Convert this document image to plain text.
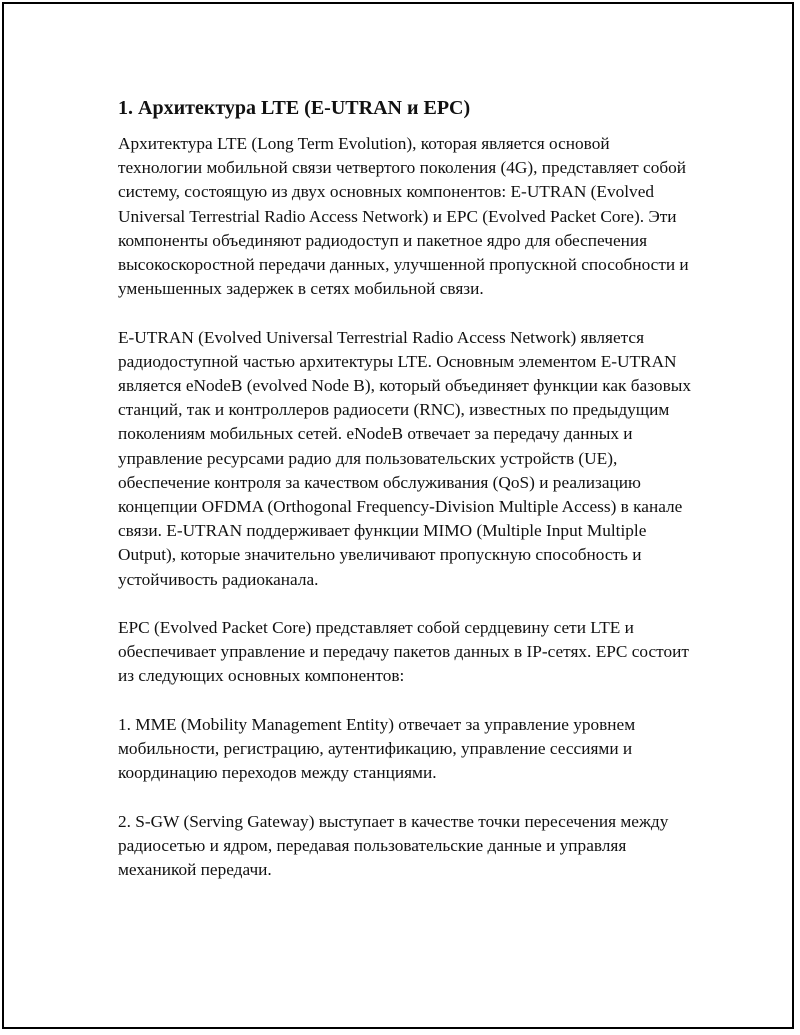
1. Архитектура LTE (E-UTRAN и EPC)

Архитектура LTE (Long Term Evolution), которая является основой технологии мобильной связи четвертого поколения (4G), представляет собой систему, состоящую из двух основных компонентов: E-UTRAN (Evolved Universal Terrestrial Radio Access Network) и EPC (Evolved Packet Core). Эти компоненты объединяют радиодоступ и пакетное ядро для обеспечения высокоскоростной передачи данных, улучшенной пропускной способности и уменьшенных задержек в сетях мобильной связи.

E-UTRAN (Evolved Universal Terrestrial Radio Access Network) является радиодоступной частью архитектуры LTE. Основным элементом E-UTRAN является eNodeB (evolved Node B), который объединяет функции как базовых станций, так и контроллеров радиосети (RNC), известных по предыдущим поколениям мобильных сетей. eNodeB отвечает за передачу данных и управление ресурсами радио для пользовательских устройств (UE), обеспечение контроля за качеством обслуживания (QoS) и реализацию концепции OFDMA (Orthogonal Frequency-Division Multiple Access) в канале связи. E-UTRAN поддерживает функции MIMO (Multiple Input Multiple Output), которые значительно увеличивают пропускную способность и устойчивость радиоканала.

EPC (Evolved Packet Core) представляет собой сердцевину сети LTE и обеспечивает управление и передачу пакетов данных в IP-сетях. EPC состоит из следующих основных компонентов:

1. MME (Mobility Management Entity) отвечает за управление уровнем мобильности, регистрацию, аутентификацию, управление сессиями и координацию переходов между станциями.

2. S-GW (Serving Gateway) выступает в качестве точки пересечения между радиосетью и ядром, передавая пользовательские данные и управляя механикой передачи.
